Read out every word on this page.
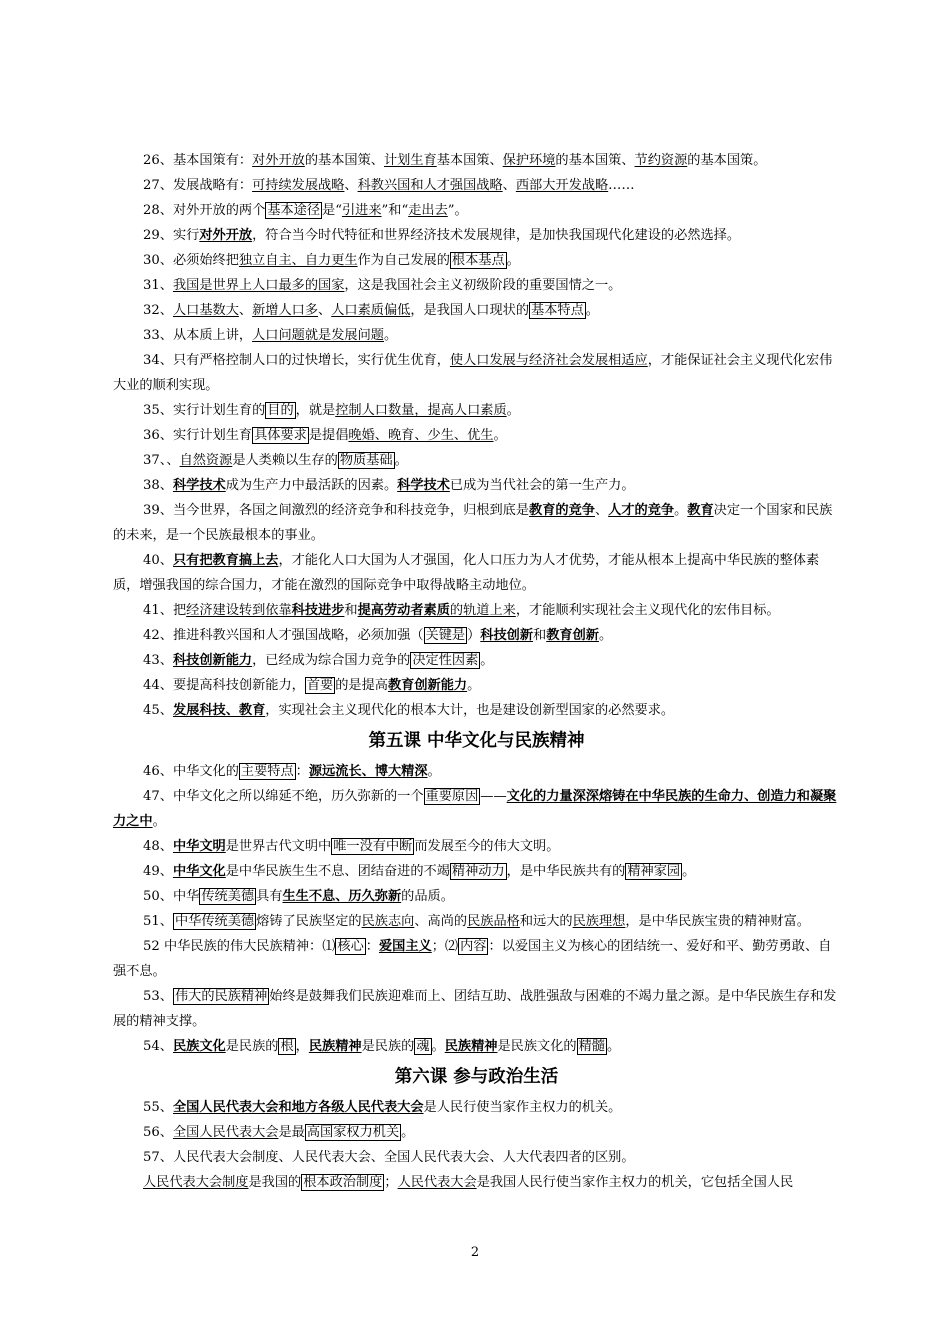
26、基本国策有：对外开放的基本国策、计划生育基本国策、保护环境的基本国策、节约资源的基本国策。

27、发展战略有：可持续发展战略、科教兴国和人才强国战略、西部大开发战略……

28、对外开放的两个 基本途径 是“引进来”和“走出去”。

29、实行对外开放，符合当今时代特征和世界经济技术发展规律，是加快我国现代化建设的必然选择。

30、必须始终把独立自主、自力更生作为自己发展的 根本基点 。

31、我国是世界上人口最多的国家，这是我国社会主义初级阶段的重要国情之一。

32、人口基数大、新增人口多、人口素质偏低，是我国人口现状的 基本特点 。

33、从本质上讲，人口问题就是发展问题。

34、只有严格控制人口的过快增长，实行优生优育，使人口发展与经济社会发展相适应，才能保证社会主义现代化宏伟大业的顺利实现。

35、实行计划生育的 目的 ，就是控制人口数量，提高人口素质。

36、实行计划生育 具体要求 是提倡晚婚、晚育、少生、优生。

37、、自然资源是人类赖以生存的 物质基础 。

38、科学技术成为生产力中最活跃的因素。科学技术已成为当代社会的第一生产力。

39、当今世界，各国之间激烈的经济竞争和科技竞争，归根到底是教育的竞争、人才的竞争。教育决定一个国家和民族的未来，是一个民族最根本的事业。

40、只有把教育搞上去，才能化人口大国为人才强国，化人口压力为人才优势，才能从根本上提高中华民族的整体素质，增强我国的综合国力，才能在激烈的国际竞争中取得战略主动地位。

41、把经济建设转到依靠科技进步和提高劳动者素质的轨道上来，才能顺利实现社会主义现代化的宏伟目标。

42、推进科教兴国和人才强国战略，必须加强（ 关键是 ）科技创新和教育创新。

43、科技创新能力，已经成为综合国力竞争的 决定性因素 。

44、要提高科技创新能力， 首要 的是提高教育创新能力。

45、发展科技、教育，实现社会主义现代化的根本大计，也是建设创新型国家的必然要求。

第五课 中华文化与民族精神

46、中华文化的 主要特点 ：源远流长、博大精深。

47、中华文化之所以绵延不绝，历久弥新的一个 重要原因 ——文化的力量深深熔铸在中华民族的生命力、创造力和凝聚力之中。

48、中华文明是世界古代文明中 唯一没有中断 而发展至今的伟大文明。

49、中华文化是中华民族生生不息、团结奋进的不竭 精神动力 ，是中华民族共有的 精神家园 。

50、中华 传统美德 具有生生不息、历久弥新的品质。

51、 中华传统美德 熔铸了民族坚定的民族志向、高尚的民族品格和远大的民族理想，是中华民族宝贵的精神财富。

52 中华民族的伟大民族精神：⑴ 核心 ：爱国主义；⑵ 内容 ：以爱国主义为核心的团结统一、爱好和平、勤劳勇敢、自强不息。

53、 伟大的民族精神 始终是鼓舞我们民族迎难而上、团结互助、战胜强敌与困难的不竭力量之源。是中华民族生存和发展的精神支撑。

54、民族文化是民族的 根 ，民族精神是民族的 魂 。民族精神是民族文化的 精髓 。

第六课 参与政治生活

55、全国人民代表大会和地方各级人民代表大会是人民行使当家作主权力的机关。

56、全国人民代表大会是最 高国家权力机关 。

57、人民代表大会制度、人民代表大会、全国人民代表大会、人大代表四者的区别。

人民代表大会制度是我国的 根本政治制度 ；人民代表大会是我国人民行使当家作主权力的机关，它包括全国人民

2
